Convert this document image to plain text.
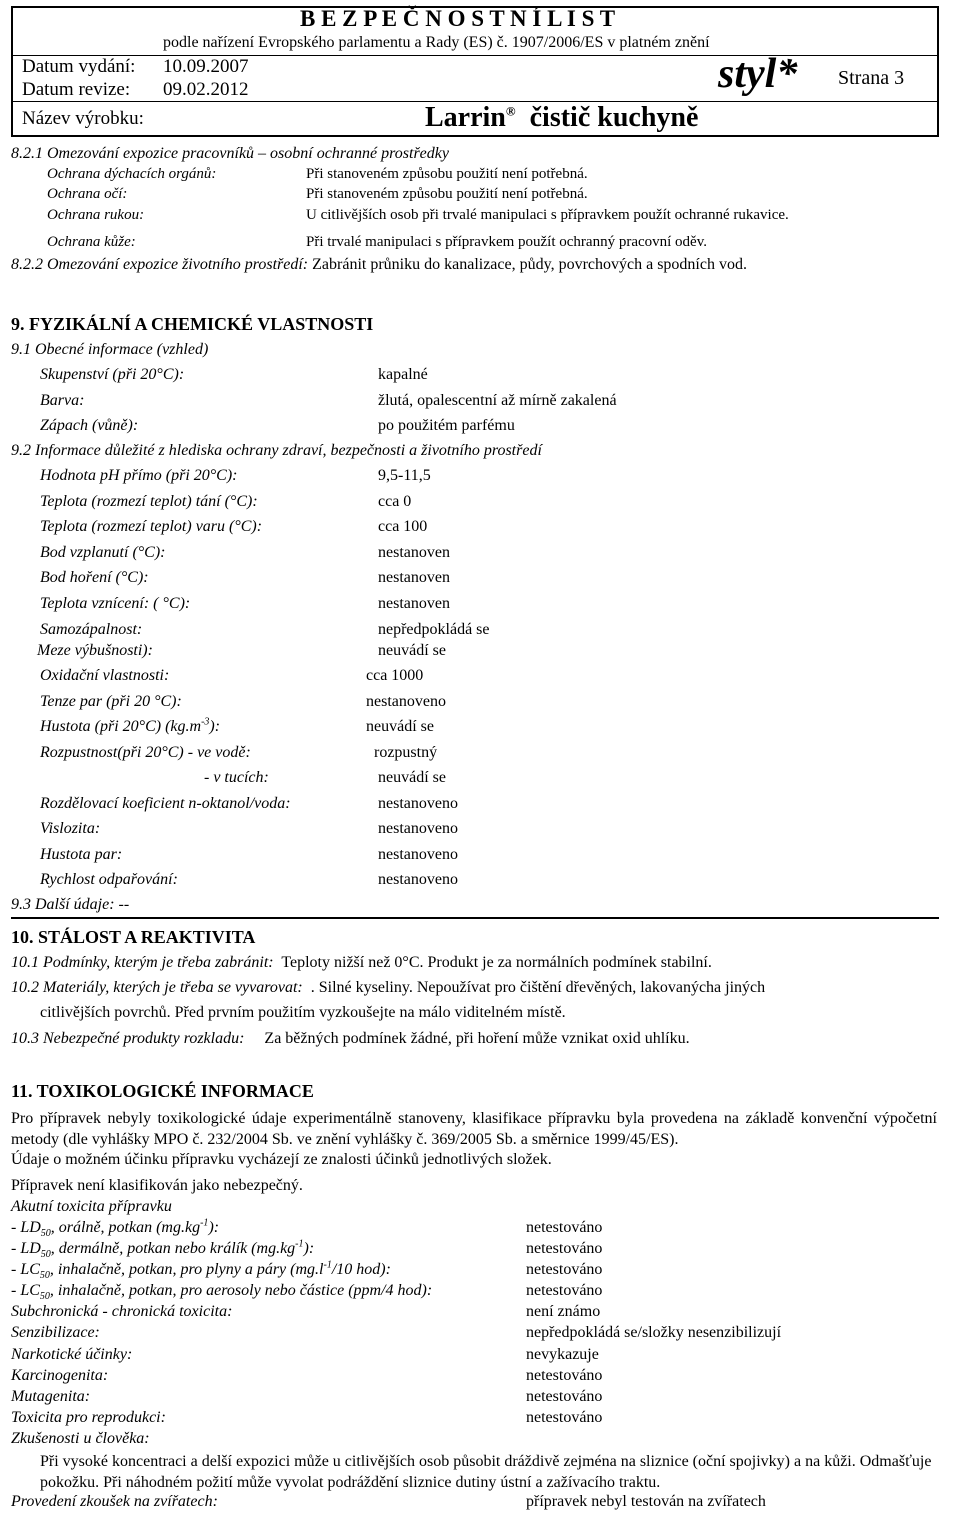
B E Z P E Č N O S T N Í L I S T
podle nařízení Evropského parlamentu a Rady (ES) č. 1907/2006/ES v platném znění
Datum vydání: 10.09.2007
Datum revize: 09.02.2012	styl* Strana 3
Název výrobku:	Larrin® čistič kuchyně
8.2.1 Omezování expozice pracovníků – osobní ochranné prostředky
Ochrana dýchacích orgánů:	Při stanoveném způsobu použití není potřebná.
Ochrana očí:	Při stanoveném způsobu použití není potřebná.
Ochrana rukou:	U citlivějších osob při trvalé manipulaci s přípravkem použít ochranné rukavice.
Ochrana kůže:	Při trvalé manipulaci s přípravkem použít ochranný pracovní oděv.
8.2.2 Omezování expozice životního prostředí: Zabránit průniku do kanalizace, půdy, povrchových a spodních vod.
9. FYZIKÁLNÍ A CHEMICKÉ VLASTNOSTI
9.1 Obecné informace (vzhled)
Skupenství (při 20°C):	kapalné
Barva:	žlutá, opalescentní až mírně zakalená
Zápach (vůně):	po použitém parfému
9.2 Informace důležité z hlediska ochrany zdraví, bezpečnosti a životního prostředí
Hodnota pH přímo (při 20°C):	9,5-11,5
Teplota (rozmezí teplot) tání (°C):	cca 0
Teplota (rozmezí teplot) varu (°C):	cca 100
Bod vzplanutí (°C):	nestanoven
Bod hoření (°C):	nestanoven
Teplota vznícení: ( °C):	nestanoven
Samozápalnost:	nepředpokládá se
Meze výbušnosti):	neuvádí se
Oxidační vlastnosti:	cca 1000
Tenze par (při 20 °C):	nestanoveno
Hustota (při 20°C) $(kg.m^{-3})$:	neuvádí se
Rozpustnost(při 20°C) - ve vodě:	rozpustný
- v tucích:	neuvádí se
Rozdělovací koeficient n-oktanol/voda:	nestanoveno
Vislozita:	nestanoveno
Hustota par:	nestanoveno
Rychlost odpařování:	nestanoveno
9.3 Další údaje: --
10. STÁLOST A REAKTIVITA
10.1 Podmínky, kterým je třeba zabránit: Teploty nižší než 0°C. Produkt je za normálních podmínek stabilní.
10.2 Materiály, kterých je třeba se vyvarovat: . Silné kyseliny. Nepoužívat pro čištění dřevěných, lakovanýcha jiných
citlivějších povrchů. Před prvním použitím vyzkoušejte na málo viditelném místě.
10.3 Nebezpečné produkty rozkladu: Za běžných podmínek žádné, při hoření může vznikat oxid uhlíku.
11. TOXIKOLOGICKÉ INFORMACE
Pro přípravek nebyly toxikologické údaje experimentálně stanoveny, klasifikace přípravku byla provedena na základě konvenční výpočetní metody (dle vyhlášky MPO č. 232/2004 Sb. ve znění vyhlášky č. 369/2005 Sb. a směrnice 1999/45/ES).
Údaje o možném účinku přípravku vycházejí ze znalosti účinků jednotlivých složek.
Přípravek není klasifikován jako nebezpečný.
Akutní toxicita přípravku
- $LD_{50}$, orálně, potkan $(mg.kg^{-1})$:	netestováno
- $LD_{50}$, dermálně, potkan nebo králík $(mg.kg^{-1})$:	netestováno
- $LC_{50}$, inhalačně, potkan, pro plyny a páry ($mg.l^{-1}/10$ hod):	netestováno
- $LC_{50}$, inhalačně, potkan, pro aerosoly nebo částice (ppm/4 hod):	netestováno
Subchronická - chronická toxicita:	není známo
Senzibilizace:	nepředpokládá se/složky nesenzibilizují
Narkotické účinky:	nevykazuje
Karcinogenita:	netestováno
Mutagenita:	netestováno
Toxicita pro reprodukci:	netestováno
Zkušenosti u člověka:
Při vysoké koncentraci a delší expozici může u citlivějších osob působit dráždivě zejména na sliznice (oční spojivky) a na kůži. Odmašťuje pokožku. Při náhodném požití může vyvolat podráždění sliznice dutiny ústní a zažívacího traktu.
Provedení zkoušek na zvířatech:	přípravek nebyl testován na zvířatech
